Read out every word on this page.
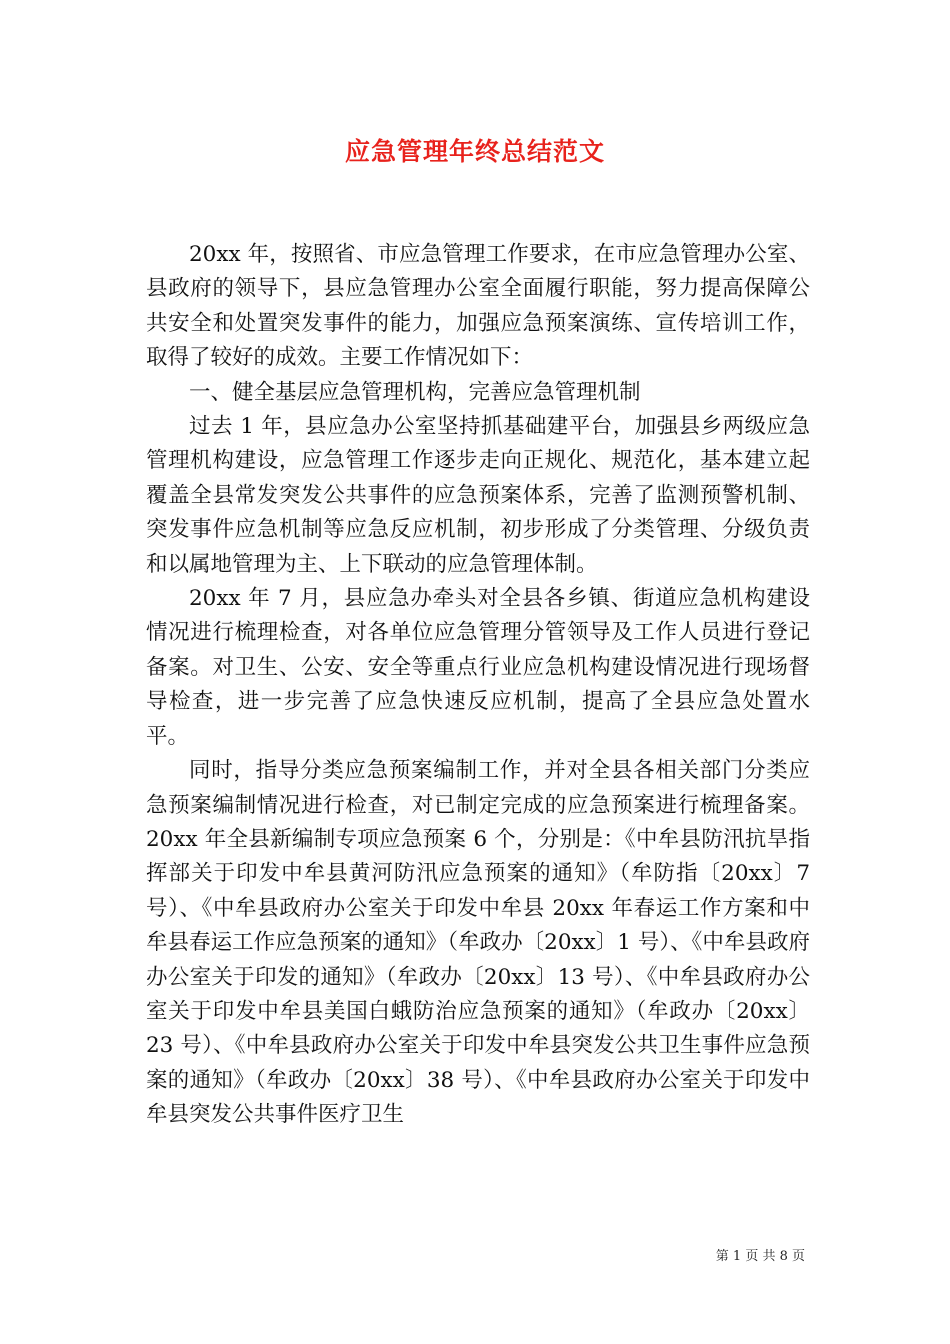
应急管理年终总结范文

20xx 年，按照省、市应急管理工作要求，在市应急管理办公室、县政府的领导下，县应急管理办公室全面履行职能，努力提高保障公共安全和处置突发事件的能力，加强应急预案演练、宣传培训工作，取得了较好的成效。主要工作情况如下：

一、健全基层应急管理机构，完善应急管理机制

过去 1 年，县应急办公室坚持抓基础建平台，加强县乡两级应急管理机构建设，应急管理工作逐步走向正规化、规范化，基本建立起覆盖全县常发突发公共事件的应急预案体系，完善了监测预警机制、突发事件应急机制等应急反应机制，初步形成了分类管理、分级负责和以属地管理为主、上下联动的应急管理体制。

20xx 年 7 月，县应急办牵头对全县各乡镇、街道应急机构建设情况进行梳理检查，对各单位应急管理分管领导及工作人员进行登记备案。对卫生、公安、安全等重点行业应急机构建设情况进行现场督导检查，进一步完善了应急快速反应机制，提高了全县应急处置水平。

同时，指导分类应急预案编制工作，并对全县各相关部门分类应急预案编制情况进行检查，对已制定完成的应急预案进行梳理备案。20xx 年全县新编制专项应急预案 6 个，分别是：《中牟县防汛抗旱指挥部关于印发中牟县黄河防汛应急预案的通知》（牟防指〔20xx〕7 号）、《中牟县政府办公室关于印发中牟县 20xx 年春运工作方案和中牟县春运工作应急预案的通知》（牟政办〔20xx〕1 号）、《中牟县政府办公室关于印发的通知》（牟政办〔20xx〕13 号）、《中牟县政府办公室关于印发中牟县美国白蛾防治应急预案的通知》（牟政办〔20xx〕23 号）、《中牟县政府办公室关于印发中牟县突发公共卫生事件应急预案的通知》（牟政办〔20xx〕38 号）、《中牟县政府办公室关于印发中牟县突发公共事件医疗卫生

第 1 页 共 8 页
